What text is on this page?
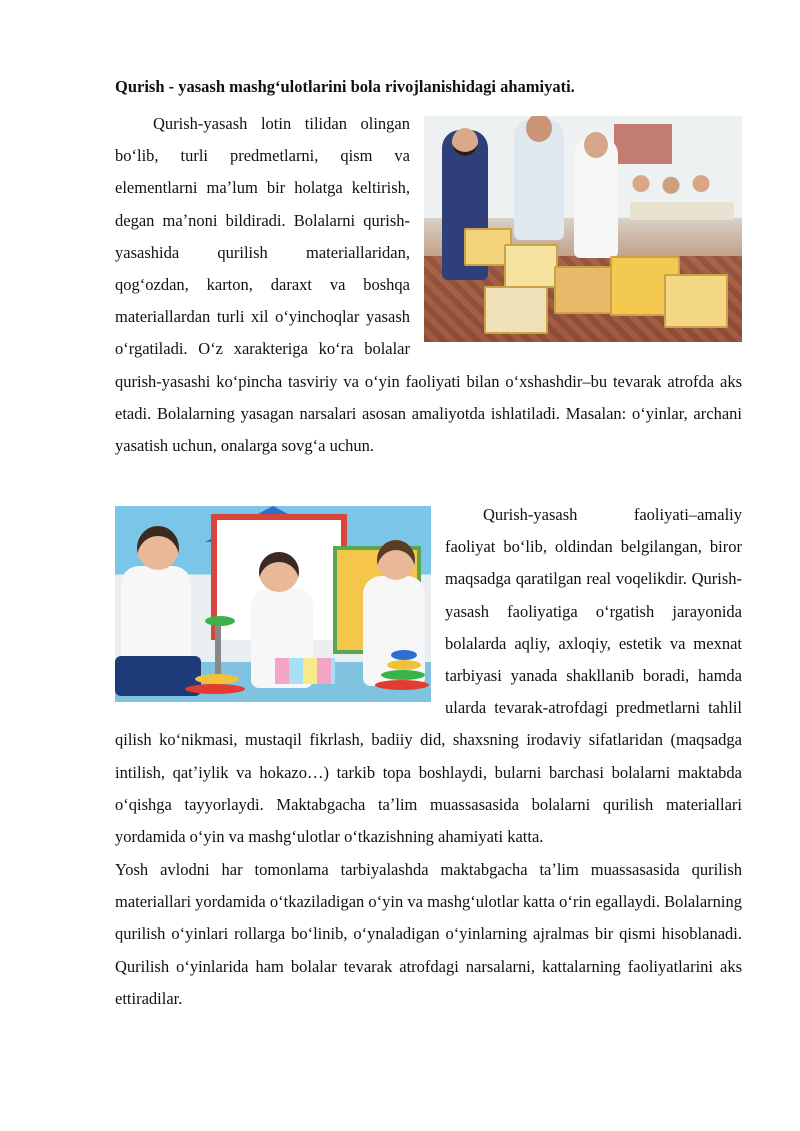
Qurish - yasash mashgʻulotlarini bola rivojlanishidagi ahamiyati.
Qurish-yasash lotin tilidan olingan boʻlib, turli predmetlarni, qism va elementlarni maʼlum bir holatga keltirish, degan maʼnoni bildiradi. Bolalarni qurish-yasashida qurilish materiallaridan, qogʻozdan, karton, daraxt va boshqa materiallardan turli xil oʻyinchoqlar yasash oʻrgatiladi. Oʻz xarakteriga koʻra bolalar qurish-yasashi koʻpincha tasviriy va oʻyin faoliyati bilan oʻxshashdir–bu tevarak atrofda aks etadi. Bolalarning yasagan narsalari asosan amaliyotda ishlatiladi. Masalan: oʻyinlar, archani yasatish uchun, onalarga sovgʻa uchun.
Qurish-yasash faoliyati–amaliy faoliyat boʻlib, oldindan belgilangan, biror maqsadga qaratilgan real voqelikdir. Qurish-yasash faoliyatiga oʻrgatish jarayonida bolalarda aqliy, axloqiy, estetik va mexnat tarbiyasi yanada shakllanib boradi, hamda ularda tevarak-atrofdagi predmetlarni tahlil qilish koʻnikmasi, mustaqil fikrlash, badiiy did, shaxsning irodaviy sifatlaridan (maqsadga intilish, qatʼiylik va hokazo…) tarkib topa boshlaydi, bularni barchasi bolalarni maktabda oʻqishga tayyorlaydi. Maktabgacha taʼlim muassasasida bolalarni qurilish materiallari yordamida oʻyin va mashgʻulotlar oʻtkazishning ahamiyati katta.
Yosh avlodni har tomonlama tarbiyalashda maktabgacha taʼlim muassasasida qurilish materiallari yordamida oʻtkaziladigan oʻyin va mashgʻulotlar katta oʻrin egallaydi. Bolalarning qurilish oʻyinlari rollarga boʻlinib, oʻynaladigan oʻyinlarning ajralmas bir qismi hisoblanadi. Qurilish oʻyinlarida ham bolalar tevarak atrofdagi narsalarni, kattalarning faoliyatlarini aks ettiradilar.
